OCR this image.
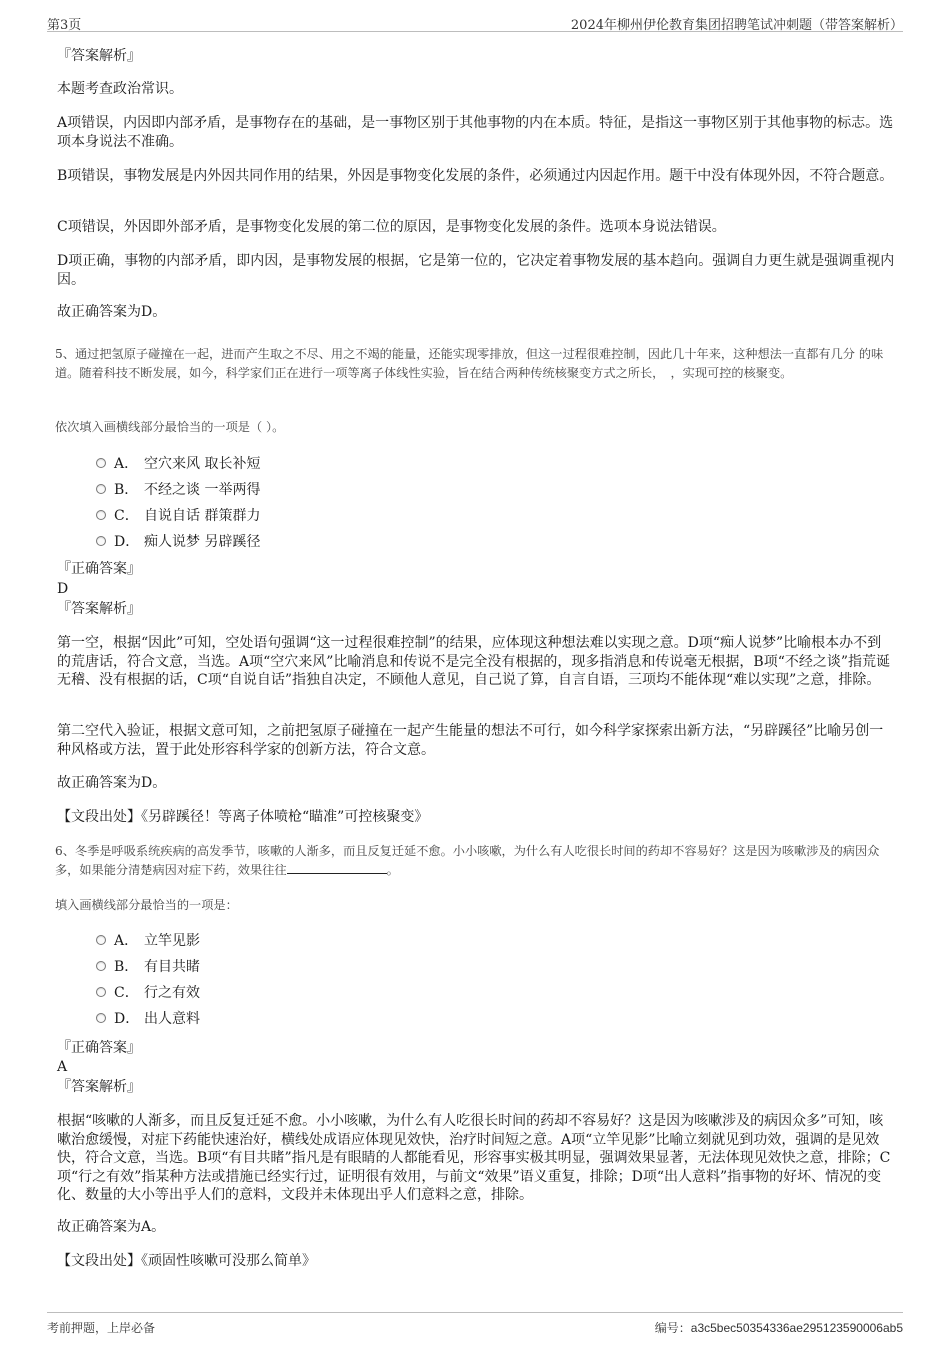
第3页	2024年柳州伊伦教育集团招聘笔试冲刺题（带答案解析）
『答案解析』
本题考查政治常识。
A项错误，内因即内部矛盾，是事物存在的基础，是一事物区别于其他事物的内在本质。特征，是指这一事物区别于其他事物的标志。选项本身说法不准确。
B项错误，事物发展是内外因共同作用的结果，外因是事物变化发展的条件，必须通过内因起作用。题干中没有体现外因，不符合题意。
C项错误，外因即外部矛盾，是事物变化发展的第二位的原因，是事物变化发展的条件。选项本身说法错误。
D项正确，事物的内部矛盾，即内因，是事物发展的根据，它是第一位的，它决定着事物发展的基本趋向。强调自力更生就是强调重视内因。
故正确答案为D。
5、通过把氢原子碰撞在一起，进而产生取之不尽、用之不竭的能量，还能实现零排放，但这一过程很难控制，因此几十年来，这种想法一直都有几分 的味道。随着科技不断发展，如今，科学家们正在进行一项等离子体线性实验，旨在结合两种传统核聚变方式之所长，　，实现可控的核聚变。
依次填入画横线部分最恰当的一项是（ ）。
A． 空穴来风 取长补短
B． 不经之谈 一举两得
C． 自说自话 群策群力
D． 痴人说梦 另辟蹊径
『正确答案』
D
『答案解析』
第一空，根据“因此”可知，空处语句强调“这一过程很难控制”的结果，应体现这种想法难以实现之意。D项“痴人说梦”比喻根本办不到的荒唐话，符合文意，当选。A项“空穴来风”比喻消息和传说不是完全没有根据的，现多指消息和传说毫无根据，B项“不经之谈”指荒诞无稽、没有根据的话，C项“自说自话”指独自决定，不顾他人意见，自己说了算，自言自语，三项均不能体现“难以实现”之意，排除。
第二空代入验证，根据文意可知，之前把氢原子碰撞在一起产生能量的想法不可行，如今科学家探索出新方法，“另辟蹊径”比喻另创一种风格或方法，置于此处形容科学家的创新方法，符合文意。
故正确答案为D。
【文段出处】《另辟蹊径！等离子体喷枪“瞄准”可控核聚变》
6、冬季是呼吸系统疾病的高发季节，咳嗽的人渐多，而且反复迁延不愈。小小咳嗽，为什么有人吃很长时间的药却不容易好？这是因为咳嗽涉及的病因众多，如果能分清楚病因对症下药，效果往往	。
填入画横线部分最恰当的一项是：
A． 立竿见影
B． 有目共睹
C． 行之有效
D． 出人意料
『正确答案』
A
『答案解析』
根据“咳嗽的人渐多，而且反复迁延不愈。小小咳嗽，为什么有人吃很长时间的药却不容易好？这是因为咳嗽涉及的病因众多”可知，咳嗽治愈缓慢，对症下药能快速治好，横线处成语应体现见效快，治疗时间短之意。A项“立竿见影”比喻立刻就见到功效，强调的是见效快，符合文意，当选。B项“有目共睹”指凡是有眼睛的人都能看见，形容事实极其明显，强调效果显著，无法体现见效快之意，排除；C项“行之有效”指某种方法或措施已经实行过，证明很有效用，与前文“效果”语义重复，排除；D项“出人意料”指事物的好坏、情况的变化、数量的大小等出乎人们的意料，文段并未体现出乎人们意料之意，排除。
故正确答案为A。
【文段出处】《顽固性咳嗽可没那么简单》
考前押题，上岸必备	编号：a3c5bec50354336ae295123590006ab5
